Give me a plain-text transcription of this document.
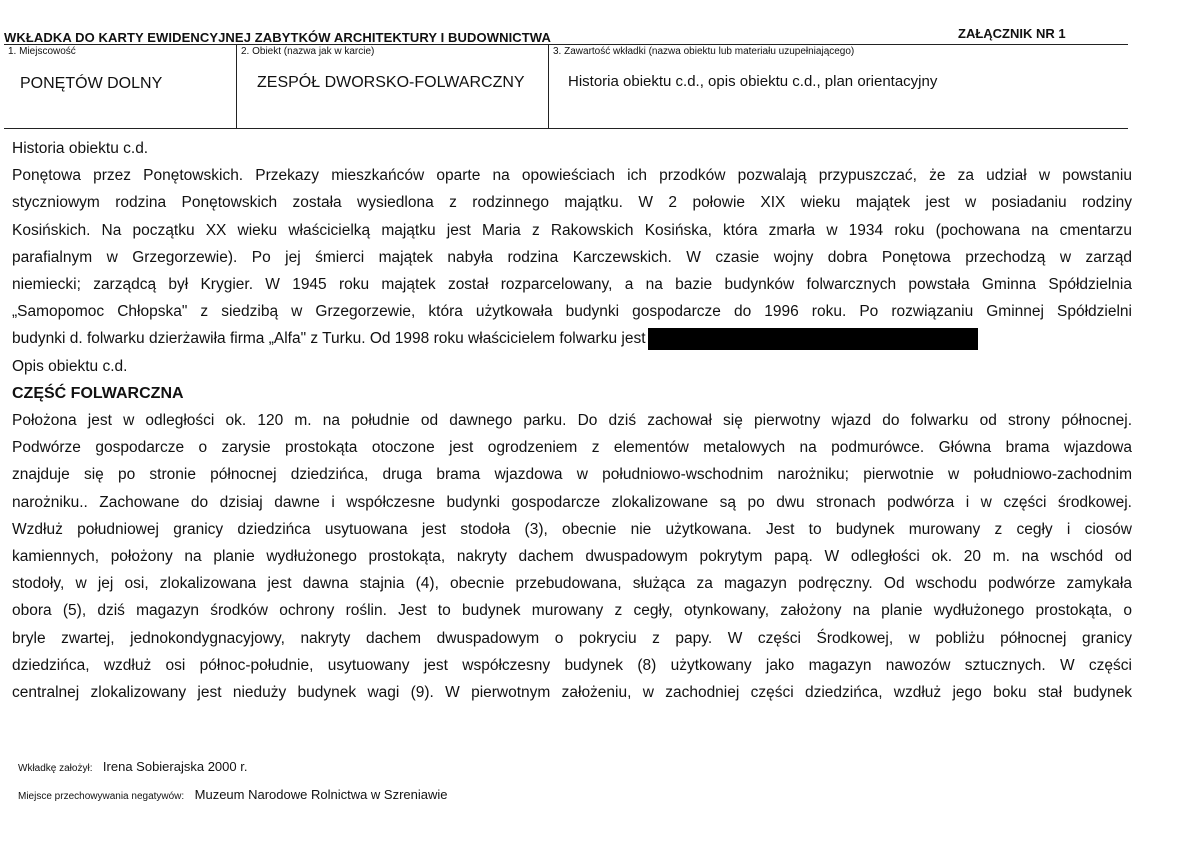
WKŁADKA DO KARTY EWIDENCYJNEJ ZABYTKÓW ARCHITEKTURY I BUDOWNICTWA	ZAŁĄCZNIK NR 1
1. Miejscowość
PONĘTÓW DOLNY
2. Obiekt (nazwa jak w karcie)
ZESPÓŁ DWORSKO-FOLWARCZNY
3. Zawartość wkładki (nazwa obiektu lub materiału uzupełniającego)
Historia obiektu c.d., opis obiektu c.d., plan orientacyjny

Historia obiektu c.d.

Ponętowa przez Ponętowskich. Przekazy mieszkańców oparte na opowieściach ich przodków pozwalają przypuszczać, że za udział w powstaniu

styczniowym rodzina Ponętowskich została wysiedlona z rodzinnego majątku. W 2 połowie XIX wieku majątek jest w posiadaniu rodziny

Kosińskich. Na początku XX wieku właścicielką majątku jest Maria z Rakowskich Kosińska, która zmarła w 1934 roku (pochowana na cmentarzu

parafialnym w Grzegorzewie). Po jej śmierci majątek nabyła rodzina Karczewskich. W czasie wojny dobra Ponętowa przechodzą w zarząd

niemiecki; zarządcą był Krygier. W 1945 roku majątek został rozparcelowany, a na bazie budynków folwarcznych powstała Gminna Spółdzielnia

„Samopomoc Chłopska" z siedzibą w Grzegorzewie, która użytkowała budynki gospodarcze do 1996 roku. Po rozwiązaniu Gminnej Spółdzielni

budynki d. folwarku dzierżawiła firma „Alfa" z Turku. Od 1998 roku właścicielem folwarku jest

Opis obiektu c.d.

CZĘŚĆ FOLWARCZNA

Położona jest w odległości ok. 120 m. na południe od dawnego parku. Do dziś zachował się pierwotny wjazd do folwarku od strony północnej.

Podwórze gospodarcze o zarysie prostokąta otoczone jest ogrodzeniem z elementów metalowych na podmurówce. Główna brama wjazdowa

znajduje się po stronie północnej dziedzińca, druga brama wjazdowa w południowo-wschodnim narożniku; pierwotnie w południowo-zachodnim

narożniku.. Zachowane do dzisiaj dawne i współczesne budynki gospodarcze zlokalizowane są po dwu stronach podwórza i w części środkowej.

Wzdłuż południowej granicy dziedzińca usytuowana jest stodoła (3), obecnie nie użytkowana. Jest to budynek murowany z cegły i ciosów

kamiennych, położony na planie wydłużonego prostokąta, nakryty dachem dwuspadowym pokrytym papą. W odległości ok. 20 m. na wschód od

stodoły, w jej osi, zlokalizowana jest dawna stajnia (4), obecnie przebudowana, służąca za magazyn podręczny. Od wschodu podwórze zamykała

obora (5), dziś magazyn środków ochrony roślin. Jest to budynek murowany z cegły, otynkowany, założony na planie wydłużonego prostokąta, o

bryle zwartej, jednokondygnacyjowy, nakryty dachem dwuspadowym o pokryciu z papy. W części Środkowej, w pobliżu północnej granicy

dziedzińca, wzdłuż osi północ-południe, usytuowany jest współczesny budynek (8) użytkowany jako magazyn nawozów sztucznych. W części

centralnej zlokalizowany jest nieduży budynek wagi (9). W pierwotnym założeniu, w zachodniej części dziedzińca, wzdłuż jego boku stał budynek

Wkładkę założył: Irena Sobierajska 2000 r.
Miejsce przechowywania negatywów: Muzeum Narodowe Rolnictwa w Szreniawie
